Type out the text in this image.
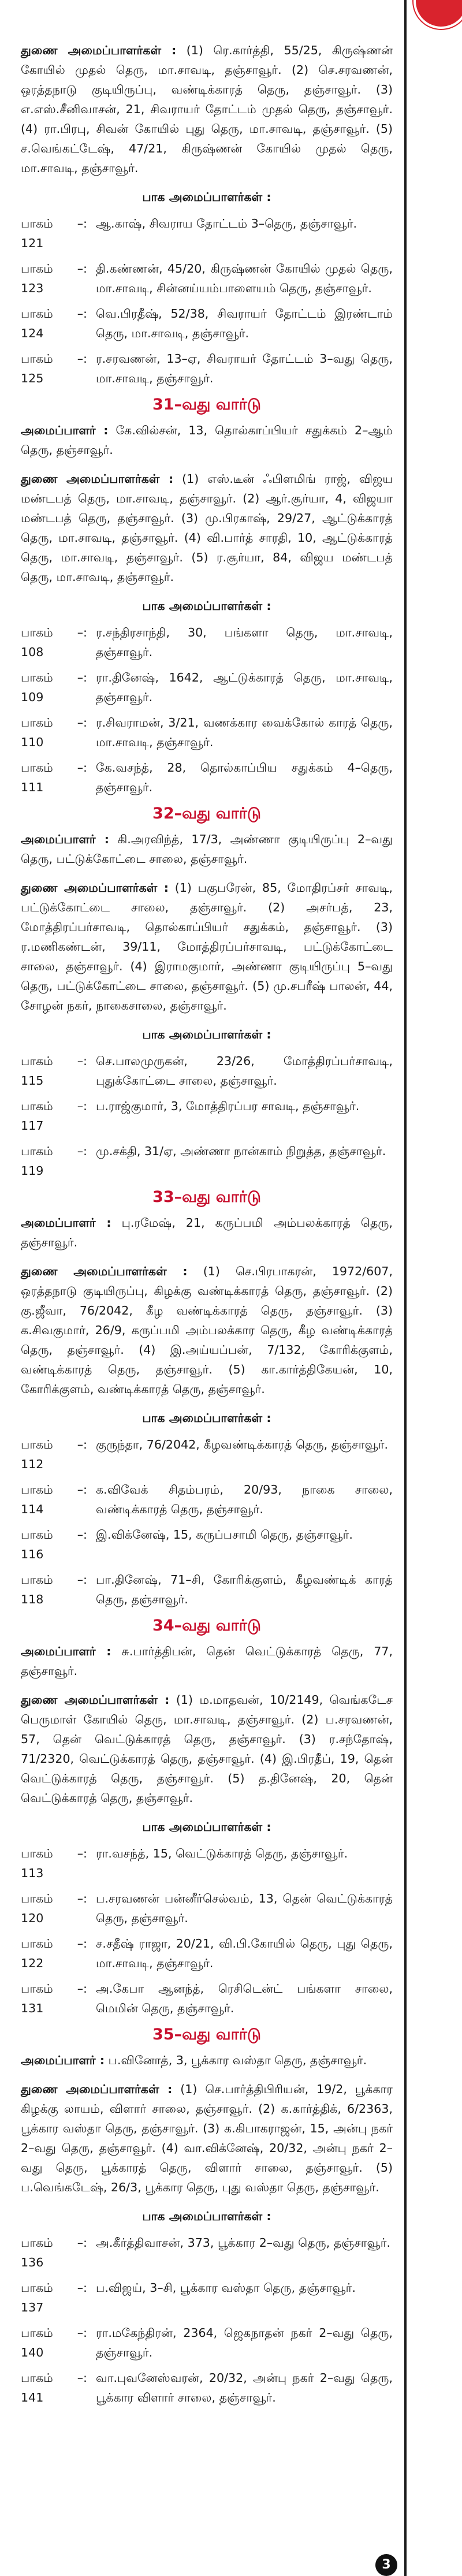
துணை அமைப்பாளர்கள் : (1) ரெ.கார்த்தி, 55/25, கிருஷ்ணன் கோயில் முதல் தெரு, மா.சாவடி, தஞ்சாவூர். (2) செ.சரவணன், ஒரத்தநாடு குடியிருப்பு, வண்டிக்காரத் தெரு, தஞ்சாவூர். (3) எ.எஸ்.சீனிவாசன், 21, சிவராயர் தோட்டம் முதல் தெரு, தஞ்சாவூர். (4) ரா.பிரபு, சிவன் கோயில் புது தெரு, மா.சாவடி, தஞ்சாவூர். (5) ச.வெங்கட்டேஷ், 47/21, கிருஷ்ணன் கோயில் முதல் தெரு, மா.சாவடி, தஞ்சாவூர்.
பாக அமைப்பாளர்கள் :
பாகம் – 121
: ஆ.காஷ், சிவராய தோட்டம் 3–தெரு, தஞ்சாவூர்.
பாகம் – 123
: தி.கண்ணன், 45/20, கிருஷ்ணன் கோயில் முதல் தெரு, மா.சாவடி, சின்னய்யம்பாளையம் தெரு, தஞ்சாவூர்.
பாகம் – 124
: வெ.பிரதீஷ், 52/38, சிவராயர் தோட்டம் இரண்டாம் தெரு, மா.சாவடி, தஞ்சாவூர்.
பாகம் – 125
: ர.சரவணன், 13–ஏ, சிவராயர் தோட்டம் 3–வது தெரு, மா.சாவடி, தஞ்சாவூர்.
31–வது வார்டு
அமைப்பாளர் : கே.வில்சன், 13, தொல்காப்பியர் சதுக்கம் 2–ஆம் தெரு, தஞ்சாவூர்.
துணை அமைப்பாளர்கள் : (1) எஸ்.டீன் ஃபிளமிங் ராஜ், விஜய மண்டபத் தெரு, மா.சாவடி, தஞ்சாவூர். (2) ஆர்.சூர்யா, 4, விஜயா மண்டபத் தெரு, தஞ்சாவூர். (3) மு.பிரகாஷ், 29/27, ஆட்டுக்காரத் தெரு, மா.சாவடி, தஞ்சாவூர். (4) வி.பார்த் சாரதி, 10, ஆட்டுக்காரத் தெரு, மா.சாவடி, தஞ்சாவூர். (5) ர.சூர்யா, 84, விஜய மண்டபத் தெரு, மா.சாவடி, தஞ்சாவூர்.
பாக அமைப்பாளர்கள் :
பாகம் – 108
: ர.சந்திரசாந்தி, 30, பங்களா தெரு, மா.சாவடி, தஞ்சாவூர்.
பாகம் – 109
: ரா.தினேஷ், 1642, ஆட்டுக்காரத் தெரு, மா.சாவடி, தஞ்சாவூர்.
பாகம் – 110
: ர.சிவராமன், 3/21, வணக்கார வைக்கோல் காரத் தெரு, மா.சாவடி, தஞ்சாவூர்.
பாகம் – 111
: கே.வசந்த், 28, தொல்காப்பிய சதுக்கம் 4–தெரு, தஞ்சாவூர்.
32–வது வார்டு
அமைப்பாளர் : கி.அரவிந்த், 17/3, அண்ணா குடியிருப்பு 2–வது தெரு, பட்டுக்கோட்டை சாலை, தஞ்சாவூர்.
துணை அமைப்பாளர்கள் : (1) பகுபரேன், 85, மோதிரப்சர் சாவடி, பட்டுக்கோட்டை சாலை, தஞ்சாவூர். (2) அசர்பத், 23, மோத்திரப்பர்சாவடி, தொல்காப்பியர் சதுக்கம், தஞ்சாவூர். (3) ர.மணிகண்டன், 39/11, மோத்திரப்பர்சாவடி, பட்டுக்கோட்டை சாலை, தஞ்சாவூர். (4) இராமகுமார், அண்ணா குடியிருப்பு 5–வது தெரு, பட்டுக்கோட்டை சாலை, தஞ்சாவூர். (5) மு.சபரீஷ் பாலன், 44, சோழன் நகர், நாகைசாலை, தஞ்சாவூர்.
பாக அமைப்பாளர்கள் :
பாகம் – 115
: செ.பாலமுருகன், 23/26, மோத்திரப்பர்சாவடி, புதுக்கோட்டை சாலை, தஞ்சாவூர்.
பாகம் – 117
: ப.ராஜ்குமார், 3, மோத்திரப்பர சாவடி, தஞ்சாவூர்.
பாகம் – 119
: மு.சக்தி, 31/ஏ, அண்ணா நான்காம் நிறுத்த, தஞ்சாவூர்.
33–வது வார்டு
அமைப்பாளர் : பு.ரமேஷ், 21, கருப்பமி அம்பலக்காரத் தெரு, தஞ்சாவூர்.
துணை அமைப்பாளர்கள் : (1) செ.பிரபாகரன், 1972/607, ஒரத்தநாடு குடியிருப்பு, கிழக்கு வண்டிக்காரத் தெரு, தஞ்சாவூர். (2) கு.ஜீவா, 76/2042, கீழ வண்டிக்காரத் தெரு, தஞ்சாவூர். (3) க.சிவகுமார், 26/9, கருப்பமி அம்பலக்கார தெரு, கீழ வண்டிக்காரத் தெரு, தஞ்சாவூர். (4) இ.அய்யப்பன், 7/132, கோரிக்குளம், வண்டிக்காரத் தெரு, தஞ்சாவூர். (5) கா.கார்த்திகேயன், 10, கோரிக்குளம், வண்டிக்காரத் தெரு, தஞ்சாவூர்.
பாக அமைப்பாளர்கள் :
பாகம் – 112
: குருந்தா, 76/2042, கீழவண்டிக்காரத் தெரு, தஞ்சாவூர்.
பாகம் – 114
: க.விவேக் சிதம்பரம், 20/93, நாகை சாலை, வண்டிக்காரத் தெரு, தஞ்சாவூர்.
பாகம் – 116
: இ.விக்னேஷ், 15, கருப்பசாமி தெரு, தஞ்சாவூர்.
பாகம் – 118
: பா.தினேஷ், 71–சி, கோரிக்குளம், கீழவண்டிக் காரத் தெரு, தஞ்சாவூர்.
34–வது வார்டு
அமைப்பாளர் : சு.பார்த்திபன், தென் வெட்டுக்காரத் தெரு, 77, தஞ்சாவூர்.
துணை அமைப்பாளர்கள் : (1) ம.மாதவன், 10/2149, வெங்கடேச பெருமாள் கோயில் தெரு, மா.சாவடி, தஞ்சாவூர். (2) ப.சரவணன், 57, தென் வெட்டுக்காரத் தெரு, தஞ்சாவூர். (3) ர.சந்தோஷ், 71/2320, வெட்டுக்காரத் தெரு, தஞ்சாவூர். (4) இ.பிரதீப், 19, தென் வெட்டுக்காரத் தெரு, தஞ்சாவூர். (5) த.தினேஷ், 20, தென் வெட்டுக்காரத் தெரு, தஞ்சாவூர்.
பாக அமைப்பாளர்கள் :
பாகம் – 113
: ரா.வசந்த், 15, வெட்டுக்காரத் தெரு, தஞ்சாவூர்.
பாகம் – 120
: ப.சரவணன் பன்னீர்செல்வம், 13, தென் வெட்டுக்காரத் தெரு, தஞ்சாவூர்.
பாகம் – 122
: ச.சதீஷ் ராஜா, 20/21, வி.பி.கோயில் தெரு, புது தெரு, மா.சாவடி, தஞ்சாவூர்.
பாகம் – 131
: அ.கேபா ஆனந்த், ரெசிடென்ட் பங்களா சாலை, மெமின் தெரு, தஞ்சாவூர்.
35–வது வார்டு
அமைப்பாளர் : ப.வினோத், 3, பூக்கார வஸ்தா தெரு, தஞ்சாவூர்.
துணை அமைப்பாளர்கள் : (1) செ.பார்த்திபிரியன், 19/2, பூக்கார கிழக்கு லாயம், விளார் சாலை, தஞ்சாவூர். (2) க.கார்த்திக், 6/2363, பூக்கார வஸ்தா தெரு, தஞ்சாவூர். (3) க.கிபாகராஜன், 15, அன்பு நகர் 2–வது தெரு, தஞ்சாவூர். (4) வா.விக்னேஷ், 20/32, அன்பு நகர் 2–வது தெரு, பூக்காரத் தெரு, விளார் சாலை, தஞ்சாவூர். (5) ப.வெங்கடேஷ், 26/3, பூக்கார தெரு, புது வஸ்தா தெரு, தஞ்சாவூர்.
பாக அமைப்பாளர்கள் :
பாகம் – 136
: அ.கீர்த்திவாசன், 373, பூக்கார 2–வது தெரு, தஞ்சாவூர்.
பாகம் – 137
: ப.விஜய், 3–சி, பூக்கார வஸ்தா தெரு, தஞ்சாவூர்.
பாகம் – 140
: ரா.மகேந்திரன், 2364, ஜெகநாதன் நகர் 2–வது தெரு, தஞ்சாவூர்.
பாகம் – 141
: வா.புவனேஸ்வரன், 20/32, அன்பு நகர் 2–வது தெரு, பூக்கார விளார் சாலை, தஞ்சாவூர்.
3
